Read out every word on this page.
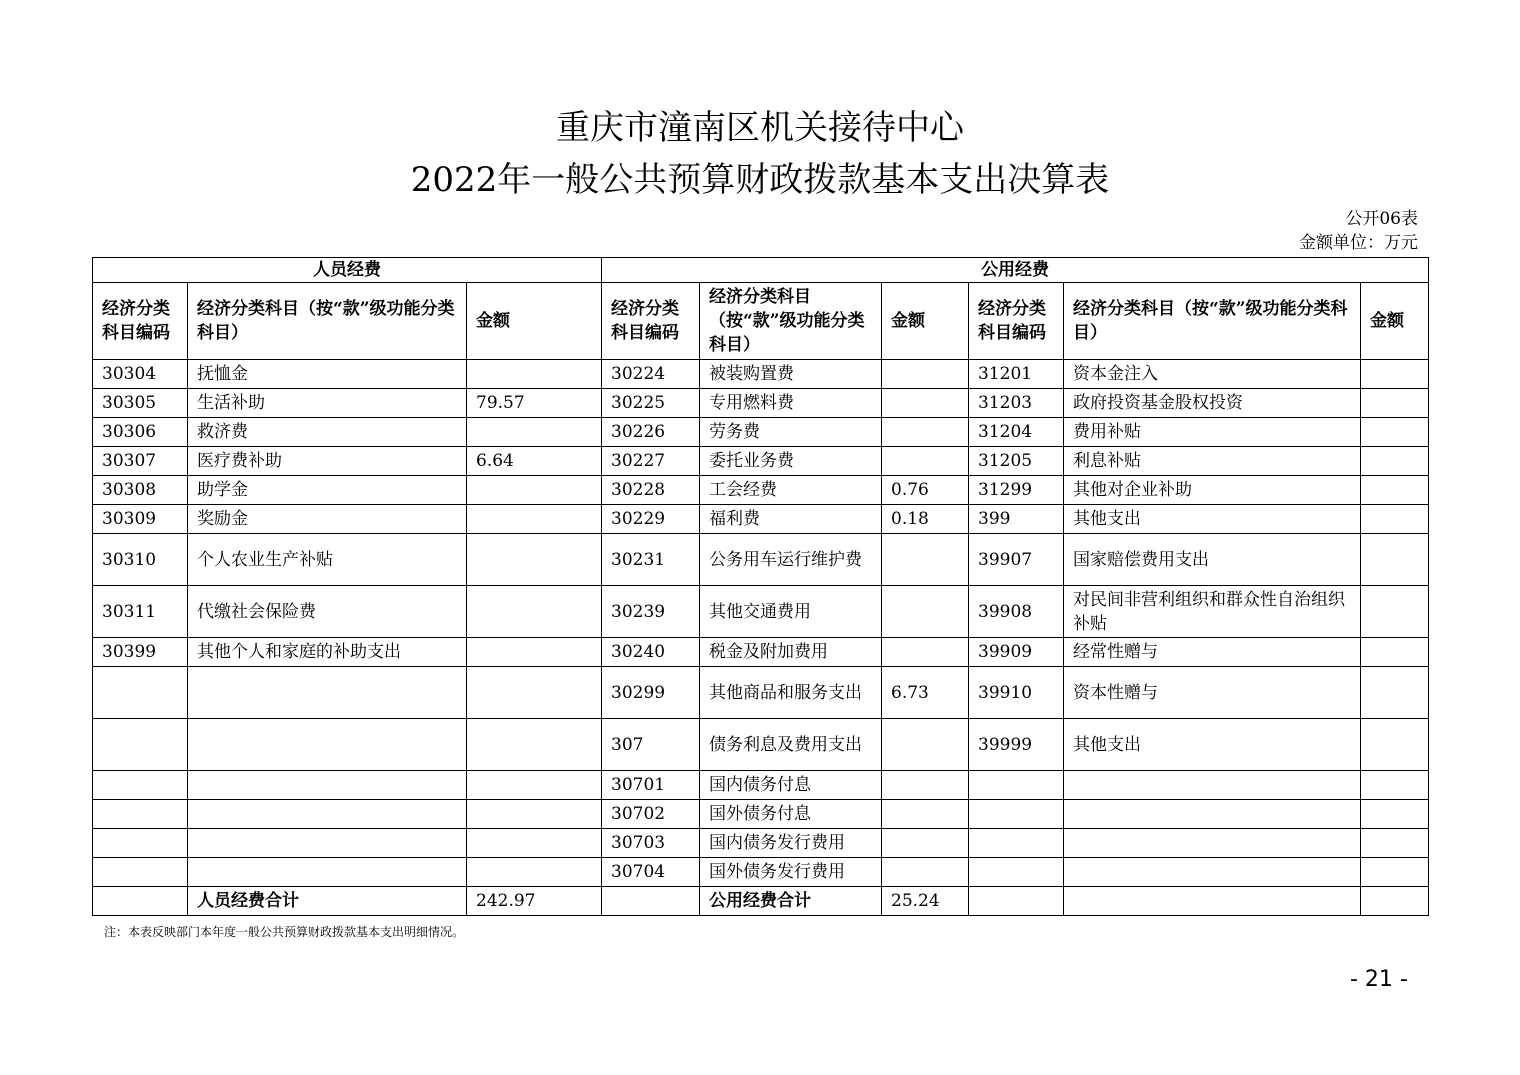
重庆市潼南区机关接待中心
2022年一般公共预算财政拨款基本支出决算表
公开06表
金额单位：万元
人员经费			公用经费					
经济分类科目编码	经济分类科目（按“款”级功能分类科目）	金额	经济分类科目编码	经济分类科目（按“款”级功能分类科目）	金额	经济分类科目编码	经济分类科目（按“款”级功能分类科目）	金额
30304	抚恤金		30224	被装购置费		31201	资本金注入	
30305	生活补助	79.57	30225	专用燃料费		31203	政府投资基金股权投资	
30306	救济费		30226	劳务费		31204	费用补贴	
30307	医疗费补助	6.64	30227	委托业务费		31205	利息补贴	
30308	助学金		30228	工会经费	0.76	31299	其他对企业补助	
30309	奖励金		30229	福利费	0.18	399	其他支出	
30310	个人农业生产补贴		30231	公务用车运行维护费		39907	国家赔偿费用支出	
30311	代缴社会保险费		30239	其他交通费用		39908	对民间非营利组织和群众性自治组织补贴	
30399	其他个人和家庭的补助支出		30240	税金及附加费用		39909	经常性赠与	
			30299	其他商品和服务支出	6.73	39910	资本性赠与	
			307	债务利息及费用支出		39999	其他支出	
			30701	国内债务付息				
			30702	国外债务付息				
			30703	国内债务发行费用				
			30704	国外债务发行费用				
	人员经费合计	242.97		公用经费合计	25.24			
注：本表反映部门本年度一般公共预算财政拨款基本支出明细情况。
- 21 -
